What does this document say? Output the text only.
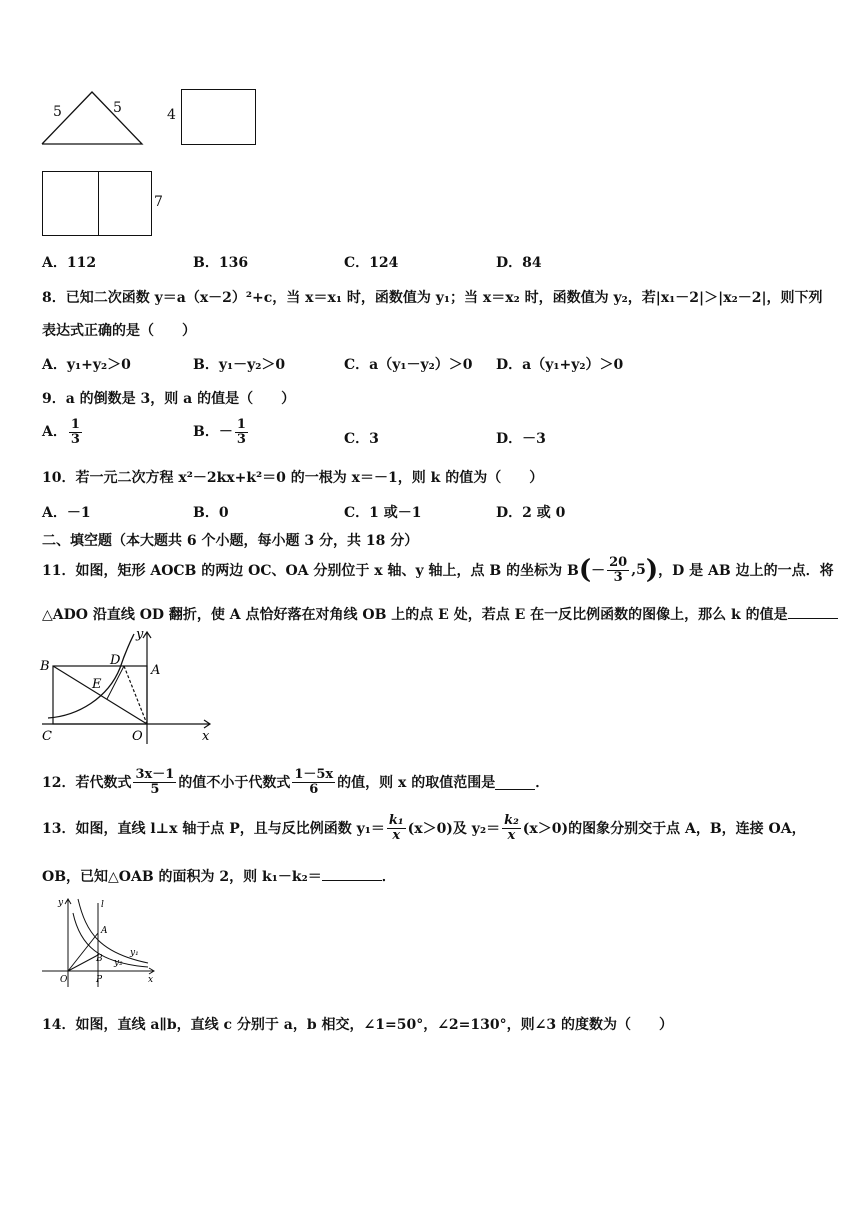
5	5	4
7
A．112	B．136	C．124	D．84
8．已知二次函数 y＝a（x－2）²+c，当 x＝x₁ 时，函数值为 y₁；当 x＝x₂ 时，函数值为 y₂，若|x₁－2|＞|x₂－2|，则下列
表达式正确的是（　　）
A．y₁+y₂＞0	B．y₁－y₂＞0	C．a（y₁－y₂）＞0 D．a（y₁+y₂）＞0
9．a 的倒数是 3，则 a 的值是（　　）
A． $\frac{1}{3}$	B．－ $\frac{1}{3}$	C．3	D．－3
10．若一元二次方程 x²－2kx+k²＝0 的一根为 x＝－1，则 k 的值为（　　）
A．－1	B．0	C．1 或－1	D．2 或 0
二、填空题（本大题共 6 个小题，每小题 3 分，共 18 分）
11．如图，矩形 AOCB 的两边 OC、OA 分别位于 x 轴、y 轴上，点 B 的坐标为 B ( － $\frac{20}{3} ,5$ ) ，D 是 AB 边上的一点．将
△ADO 沿直线 OD 翻折，使 A 点恰好落在对角线 OB 上的点 E 处，若点 E 在一反比例函数的图像上，那么 k 的值是
B	D
A
E
C	O	x
y
12．若代数式 $\frac{3x-1}{5}$ 的值不小于代数式 $\frac{1-5x}{6}$ 的值，则 x 的取值范围是	．
13．如图，直线 l⊥x 轴于点 P，且与反比例函数 $y_1= \frac{\text{k₁}}{x} (x>0)$及 $y_2= \frac{\text{k₂}}{x} (x>0)$的图象分别交于点 A，B，连接 OA，
OB，已知△OAB 的面积为 2，则 k₁－k₂＝	．
y	l
A
y₁
B y₂
O	P	x
14．如图，直线 a∥b，直线 c 分别于 a，b 相交，∠1=50°，∠2=130°，则∠3 的度数为（　　）
